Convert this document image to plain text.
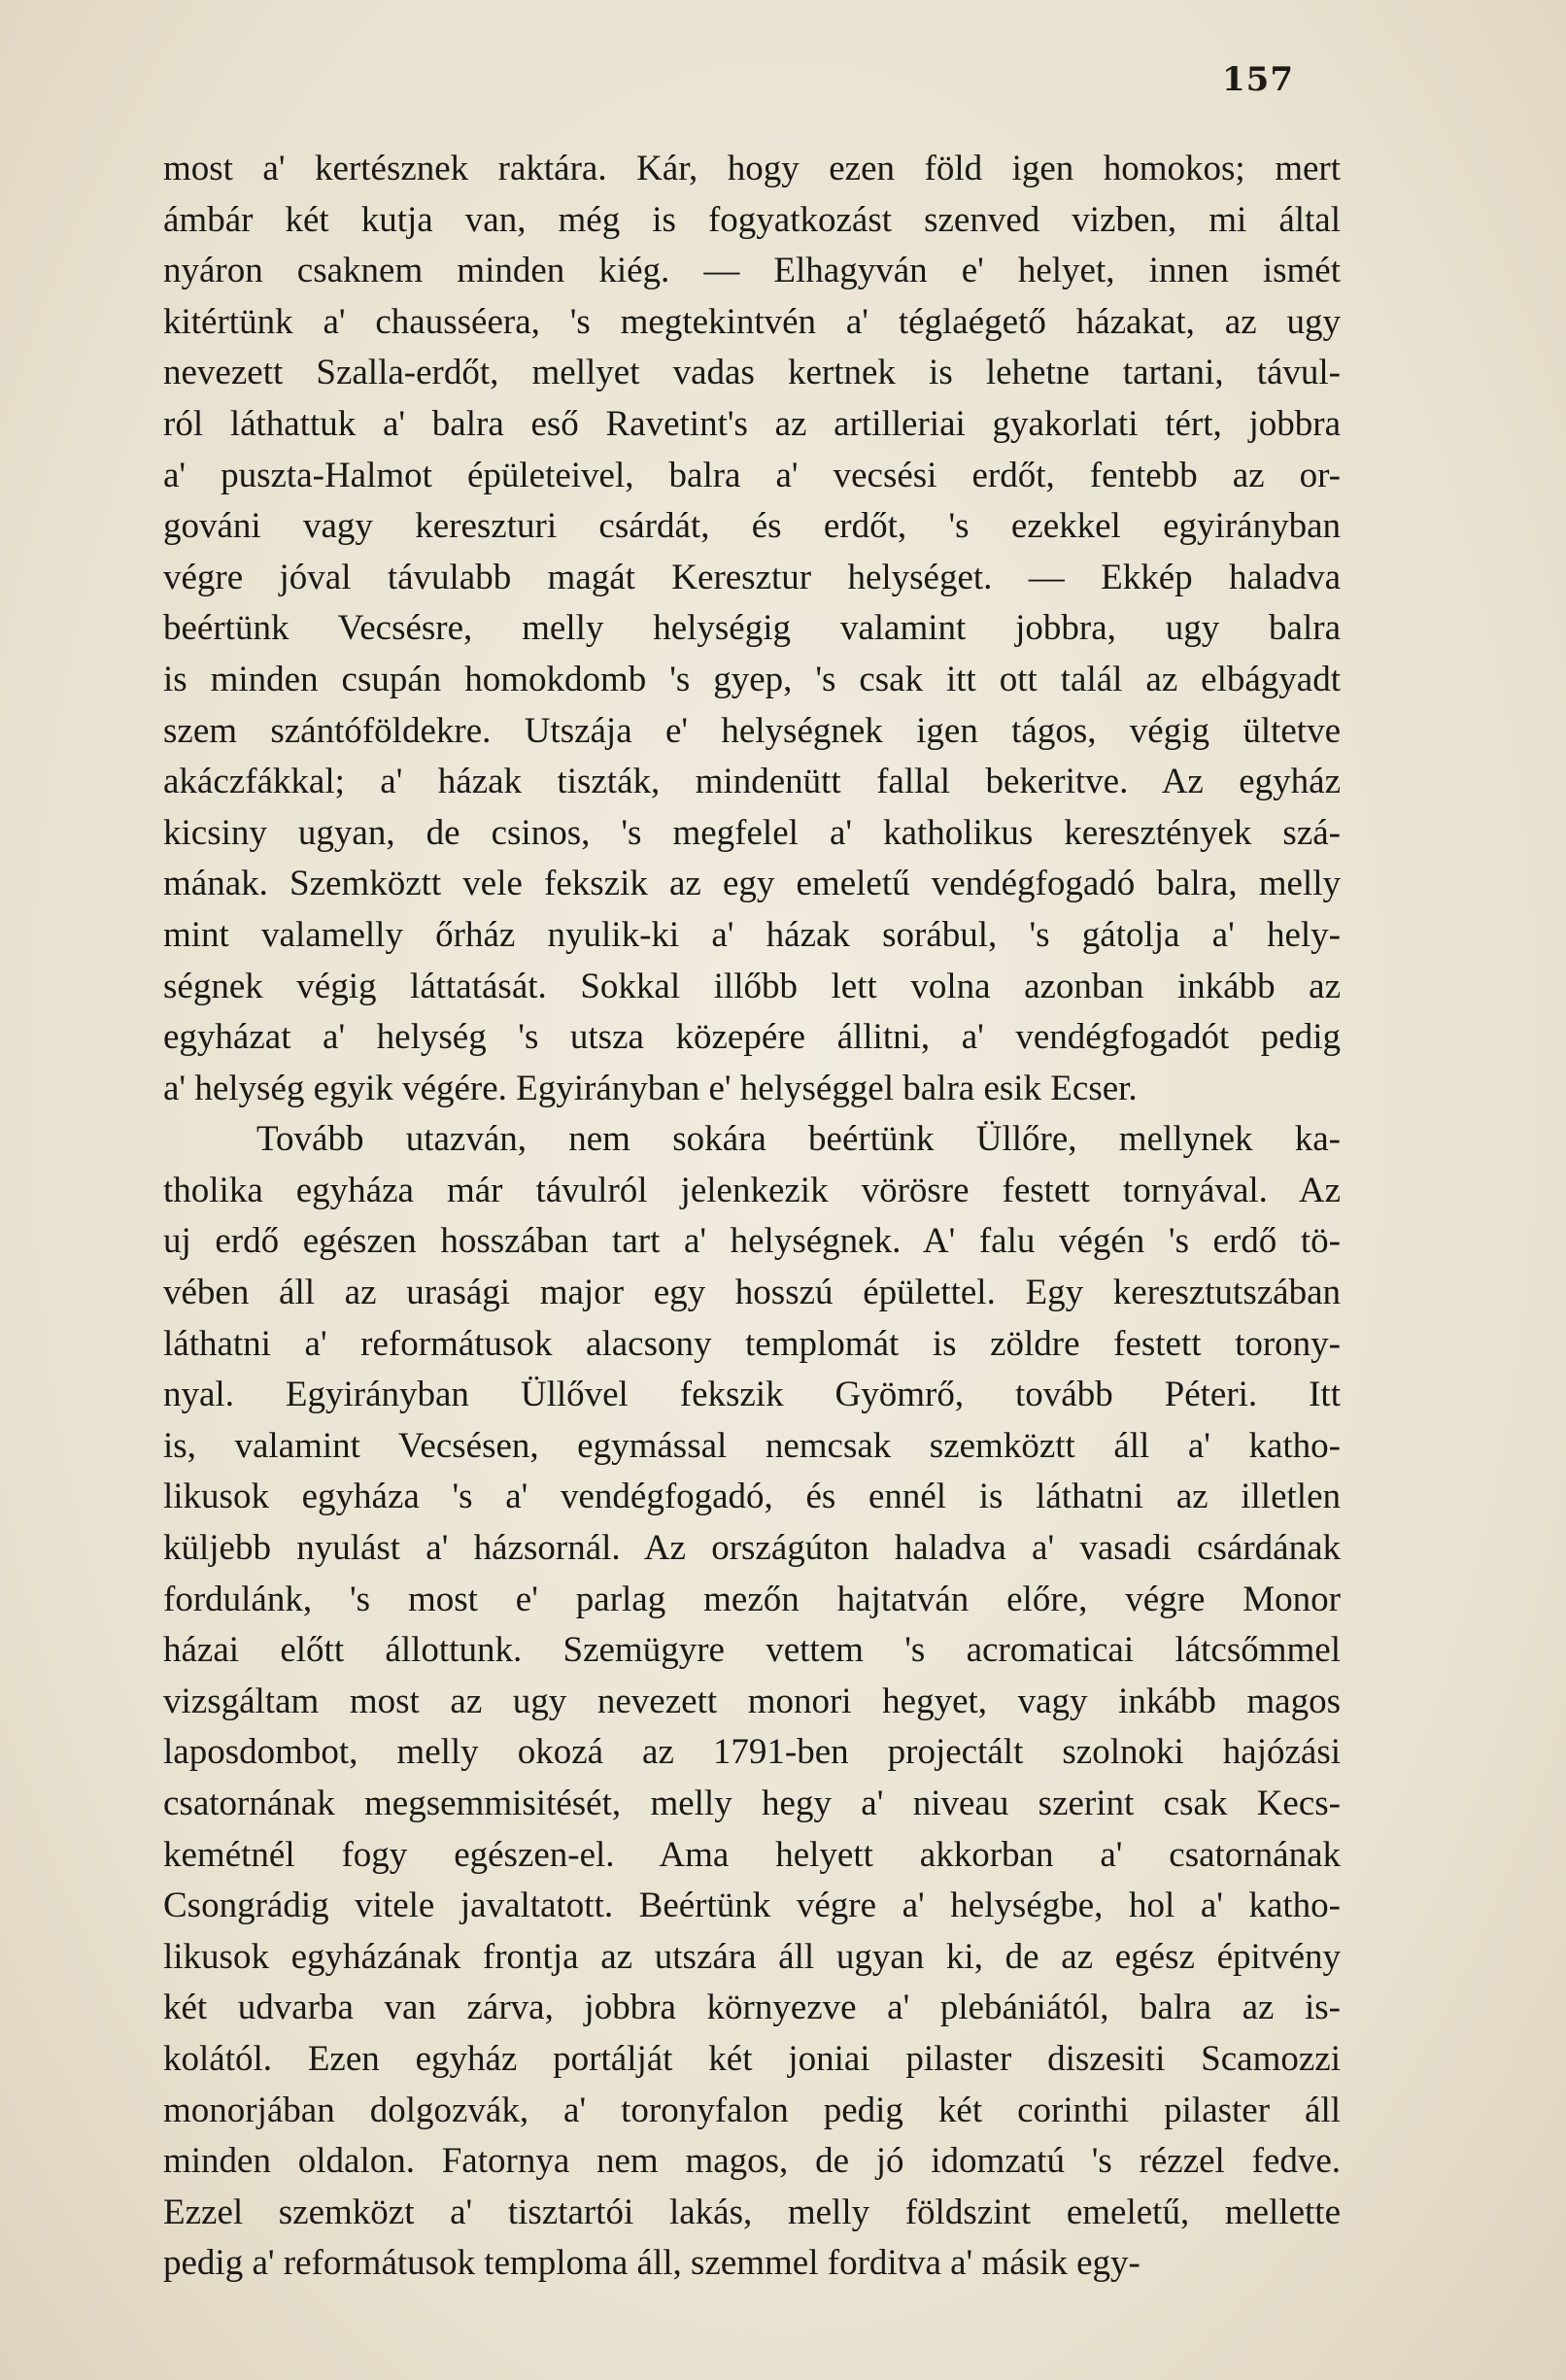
157
most a' kertésznek raktára. Kár, hogy ezen föld igen homokos; mert
ámbár két kutja van, még is fogyatkozást szenved vizben, mi által
nyáron csaknem minden kiég. — Elhagyván e' helyet, innen ismét
kitértünk a' chausséera, 's megtekintvén a' téglaégető házakat, az ugy
nevezett Szalla-erdőt, mellyet vadas kertnek is lehetne tartani, távul-
ról láthattuk a' balra eső Ravetint's az artilleriai gyakorlati tért, jobbra
a' puszta-Halmot épületeivel, balra a' vecsési erdőt, fentebb az or-
gováni vagy kereszturi csárdát, és erdőt, 's ezekkel egyirányban
végre jóval távulabb magát Keresztur helységet. — Ekkép haladva
beértünk Vecsésre, melly helységig valamint jobbra, ugy balra
is minden csupán homokdomb 's gyep, 's csak itt ott talál az elbágyadt
szem szántóföldekre. Utszája e' helységnek igen tágos, végig ültetve
akáczfákkal; a' házak tiszták, mindenütt fallal bekeritve. Az egyház
kicsiny ugyan, de csinos, 's megfelel a' katholikus keresztények szá-
mának. Szemköztt vele fekszik az egy emeletű vendégfogadó balra, melly
mint valamelly őrház nyulik-ki a' házak sorábul, 's gátolja a' hely-
ségnek végig láttatását. Sokkal illőbb lett volna azonban inkább az
egyházat a' helység 's utsza közepére állitni, a' vendégfogadót pedig
a' helység egyik végére. Egyirányban e' helységgel balra esik Ecser.
Tovább utazván, nem sokára beértünk Üllőre, mellynek ka-
tholika egyháza már távulról jelenkezik vörösre festett tornyával. Az
uj erdő egészen hosszában tart a' helységnek. A' falu végén 's erdő tö-
vében áll az urasági major egy hosszú épülettel. Egy keresztutszában
láthatni a' reformátusok alacsony templomát is zöldre festett torony-
nyal. Egyirányban Üllővel fekszik Gyömrő, tovább Péteri. Itt
is, valamint Vecsésen, egymással nemcsak szemköztt áll a' katho-
likusok egyháza 's a' vendégfogadó, és ennél is láthatni az illetlen
küljebb nyulást a' házsornál. Az országúton haladva a' vasadi csárdának
fordulánk, 's most e' parlag mezőn hajtatván előre, végre Monor
házai előtt állottunk. Szemügyre vettem 's acromaticai látcsőmmel
vizsgáltam most az ugy nevezett monori hegyet, vagy inkább magos
laposdombot, melly okozá az 1791-ben projectált szolnoki hajózási
csatornának megsemmisitését, melly hegy a' niveau szerint csak Kecs-
kemétnél fogy egészen-el. Ama helyett akkorban a' csatornának
Csongrádig vitele javaltatott. Beértünk végre a' helységbe, hol a' katho-
likusok egyházának frontja az utszára áll ugyan ki, de az egész épitvény
két udvarba van zárva, jobbra környezve a' plebániától, balra az is-
kolától. Ezen egyház portálját két joniai pilaster diszesiti Scamozzi
monorjában dolgozvák, a' toronyfalon pedig két corinthi pilaster áll
minden oldalon. Fatornya nem magos, de jó idomzatú 's rézzel fedve.
Ezzel szemközt a' tisztartói lakás, melly földszint emeletű, mellette
pedig a' reformátusok temploma áll, szemmel forditva a' másik egy-
